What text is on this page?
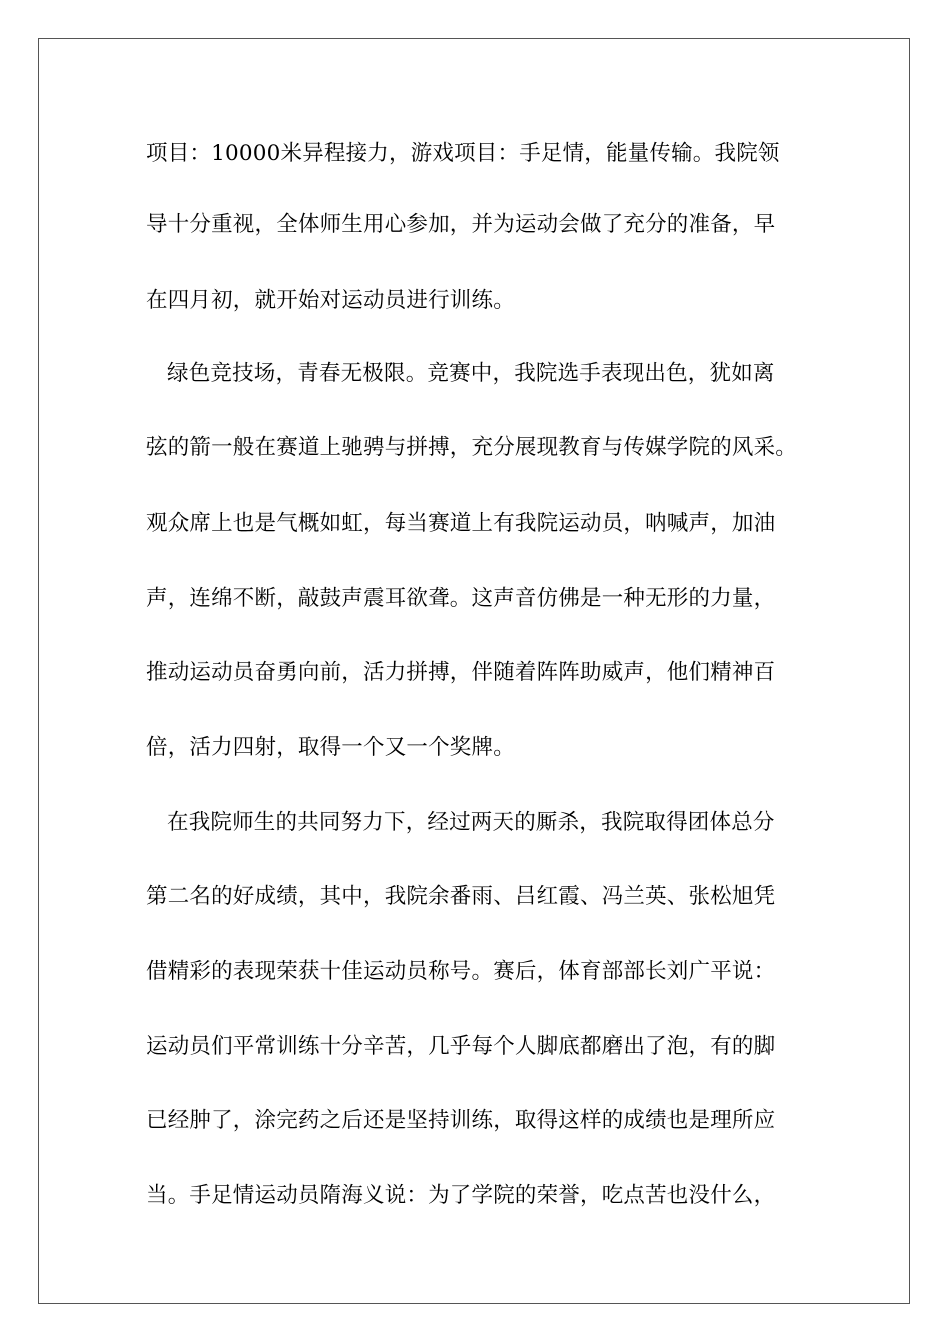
项目：10000米异程接力，游戏项目：手足情，能量传输。我院领
导十分重视，全体师生用心参加，并为运动会做了充分的准备，早
在四月初，就开始对运动员进行训练。
绿色竞技场，青春无极限。竞赛中，我院选手表现出色，犹如离
弦的箭一般在赛道上驰骋与拼搏，充分展现教育与传媒学院的风采。
观众席上也是气概如虹，每当赛道上有我院运动员，呐喊声，加油
声，连绵不断，敲鼓声震耳欲聋。这声音仿佛是一种无形的力量，
推动运动员奋勇向前，活力拼搏，伴随着阵阵助威声，他们精神百
倍，活力四射，取得一个又一个奖牌。
在我院师生的共同努力下，经过两天的厮杀，我院取得团体总分
第二名的好成绩，其中，我院余番雨、吕红霞、冯兰英、张松旭凭
借精彩的表现荣获十佳运动员称号。赛后，体育部部长刘广平说：
运动员们平常训练十分辛苦，几乎每个人脚底都磨出了泡，有的脚
已经肿了，涂完药之后还是坚持训练，取得这样的成绩也是理所应
当。手足情运动员隋海义说：为了学院的荣誉，吃点苦也没什么，
